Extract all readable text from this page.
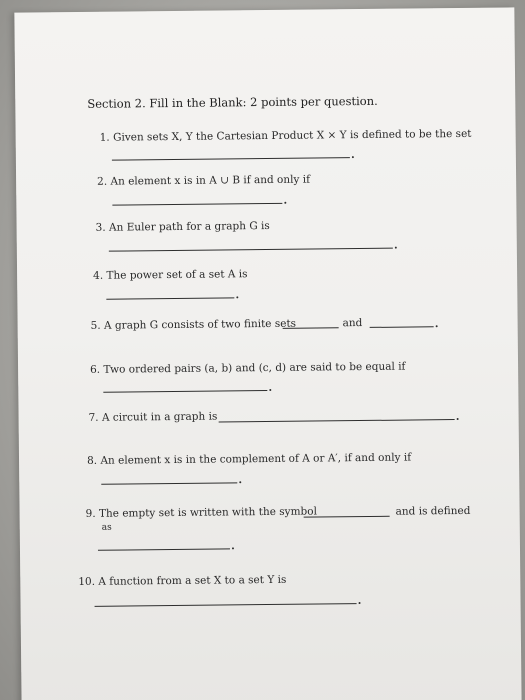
Section 2. Fill in the Blank: 2 points per question.
1. Given sets X, Y the Cartesian Product X × Y is defined to be the set
2. An element x is in A ∪ B if and only if
3. An Euler path for a graph G is
4. The power set of a set A is
5. A graph G consists of two finite sets	and
6. Two ordered pairs (a, b) and (c, d) are said to be equal if
7. A circuit in a graph is
8. An element x is in the complement of A or A′, if and only if
9. The empty set is written with the symbol	and is defined
as
10. A function from a set X to a set Y is
